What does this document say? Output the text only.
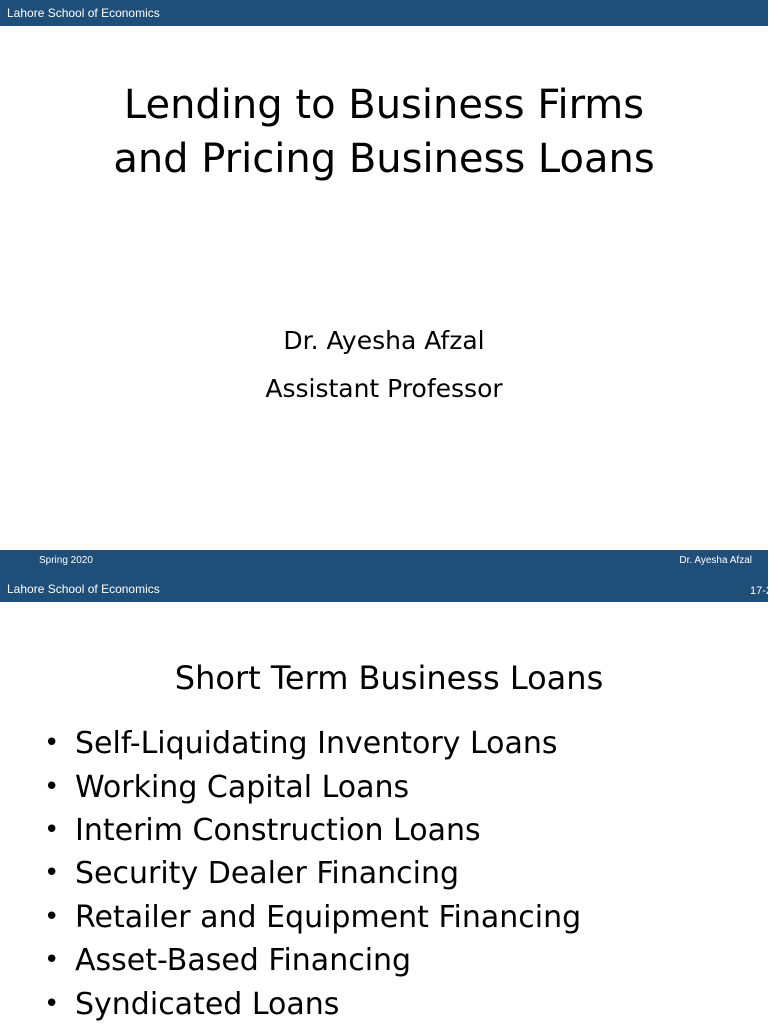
Lahore School of Economics
Lending to Business Firms
and Pricing Business Loans
Dr. Ayesha Afzal
Assistant Professor
Spring 2020	Dr. Ayesha Afzal
Lahore School of Economics	17-2
Short Term Business Loans
• Self-Liquidating Inventory Loans
• Working Capital Loans
• Interim Construction Loans
• Security Dealer Financing
• Retailer and Equipment Financing
• Asset-Based Financing
• Syndicated Loans
